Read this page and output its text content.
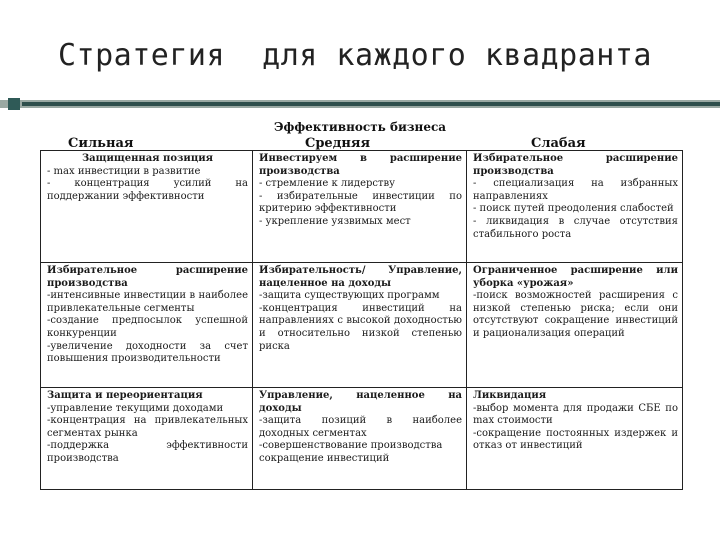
Стратегия  для каждого квадранта
Эффективность бизнеса
Сильная	Средняя	Слабая
Защищенная позиция
- max инвестиции в развитие
- концентрация усилий на поддержании эффективности	Инвестируем в расширение производства
- стремление к лидерству
- избирательные инвестиции по критерию эффективности
- укрепление уязвимых мест	Избирательное расширение производства
- специализация на избранных направлениях
- поиск путей преодоления слабостей
- ликвидация в случае отсутствия стабильного роста

Избирательное расширение производства
-интенсивные инвестиции в наиболее привлекательные сегменты
-создание предпосылок успешной конкуренции
-увеличение доходности за счет повышения производительности	Избирательность/ Управление, нацеленное на доходы
-защита существующих программ
-концентрация инвестиций на направлениях с высокой доходностью и относительно низкой степенью риска	Ограниченное расширение или уборка «урожая»
-поиск возможностей расширения с низкой степенью риска; если они отсутствуют сокращение инвестиций и рационализация операций

Защита и переориентация
-управление текущими доходами
-концентрация на привлекательных сегментах рынка
-поддержка эффективности производства	Управление, нацеленное на доходы
-защита позиций в наиболее доходных сегментах
-совершенствование производства
сокращение инвестиций	Ликвидация
-выбор момента для продажи СБЕ по max стоимости
-сокращение постоянных издержек и отказ от инвестиций
